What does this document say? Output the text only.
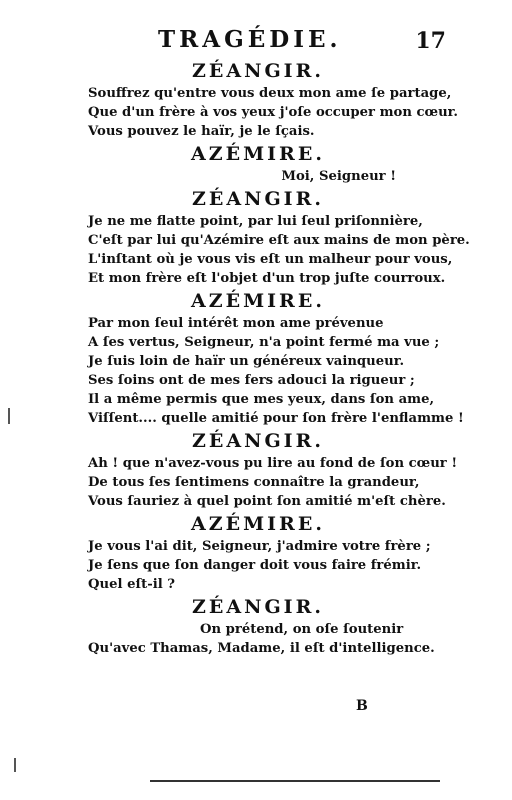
TRAGÉDIE.	17
ZÉANGIR.
Souffrez qu'entre vous deux mon ame ſe partage,
Que d'un frère à vos yeux j'oſe occuper mon cœur.
Vous pouvez le haïr, je le ſçais.
AZÉMIRE.
Moi, Seigneur !
ZÉANGIR.
Je ne me flatte point, par lui ſeul priſonnière,
C'eſt par lui qu'Azémire eſt aux mains de mon père.
L'inſtant où je vous vis eſt un malheur pour vous,
Et mon frère eſt l'objet d'un trop juſte courroux.
AZÉMIRE.
Par mon ſeul intérêt mon ame prévenue
A ſes vertus, Seigneur, n'a point fermé ma vue ;
Je ſuis loin de haïr un généreux vainqueur.
Ses ſoins ont de mes fers adouci la rigueur ;
Il a même permis que mes yeux, dans ſon ame,
Viſſent.... quelle amitié pour ſon frère l'enflamme !
ZÉANGIR.
Ah ! que n'avez-vous pu lire au fond de ſon cœur !
De tous ſes ſentimens connaître la grandeur,
Vous ſauriez à quel point ſon amitié m'eſt chère.
AZÉMIRE.
Je vous l'ai dit, Seigneur, j'admire votre frère ;
Je ſens que ſon danger doit vous faire frémir.
Quel eſt-il ?
ZÉANGIR.
On prétend, on oſe ſoutenir
Qu'avec Thamas, Madame, il eſt d'intelligence.
B
